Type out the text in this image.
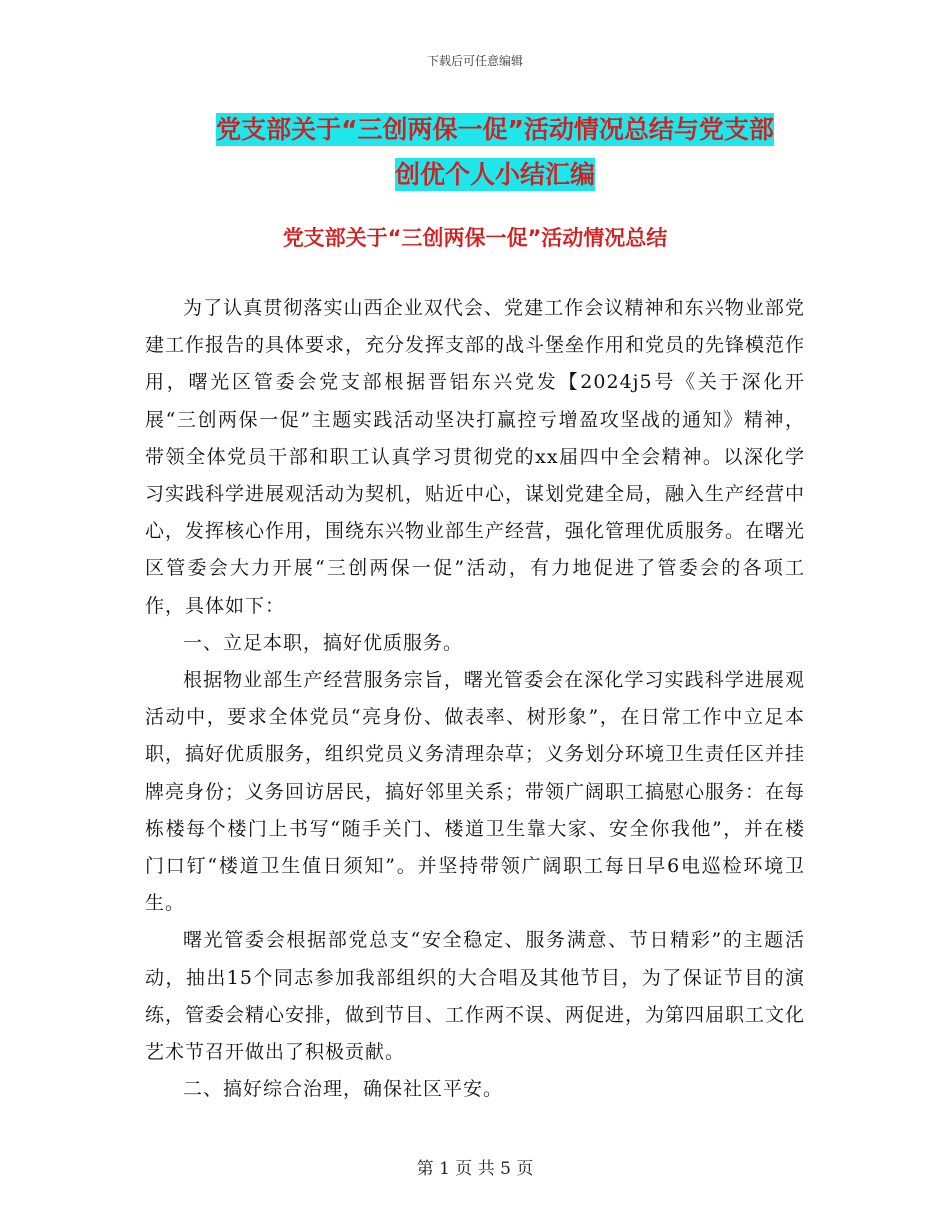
下载后可任意编辑
党支部关于“三创两保一促”活动情况总结与党支部
创优个人小结汇编
党支部关于“三创两保一促”活动情况总结

为了认真贯彻落实山西企业双代会、党建工作会议精神和东兴物业部党建工作报告的具体要求，充分发挥支部的战斗堡垒作用和党员的先锋模范作用，曙光区管委会党支部根据晋铝东兴党发【2024j5号《关于深化开展“三创两保一促”主题实践活动坚决打赢控亏增盈攻坚战的通知》精神，带领全体党员干部和职工认真学习贯彻党的xx届四中全会精神。以深化学习实践科学进展观活动为契机，贴近中心，谋划党建全局，融入生产经营中心，发挥核心作用，围绕东兴物业部生产经营，强化管理优质服务。在曙光区管委会大力开展“三创两保一促”活动，有力地促进了管委会的各项工作，具体如下：

一、立足本职，搞好优质服务。

根据物业部生产经营服务宗旨，曙光管委会在深化学习实践科学进展观活动中，要求全体党员“亮身份、做表率、树形象”，在日常工作中立足本职，搞好优质服务，组织党员义务清理杂草；义务划分环境卫生责任区并挂牌亮身份；义务回访居民，搞好邻里关系；带领广阔职工搞慰心服务：在每栋楼每个楼门上书写“随手关门、楼道卫生靠大家、安全你我他”，并在楼门口钉“楼道卫生值日须知”。并坚持带领广阔职工每日早6电巡检环境卫生。

曙光管委会根据部党总支“安全稳定、服务满意、节日精彩”的主题活动，抽出15个同志参加我部组织的大合唱及其他节目，为了保证节目的演练，管委会精心安排，做到节目、工作两不误、两促进，为第四届职工文化艺术节召开做出了积极贡献。

二、搞好综合治理，确保社区平安。

第 1 页 共 5 页
